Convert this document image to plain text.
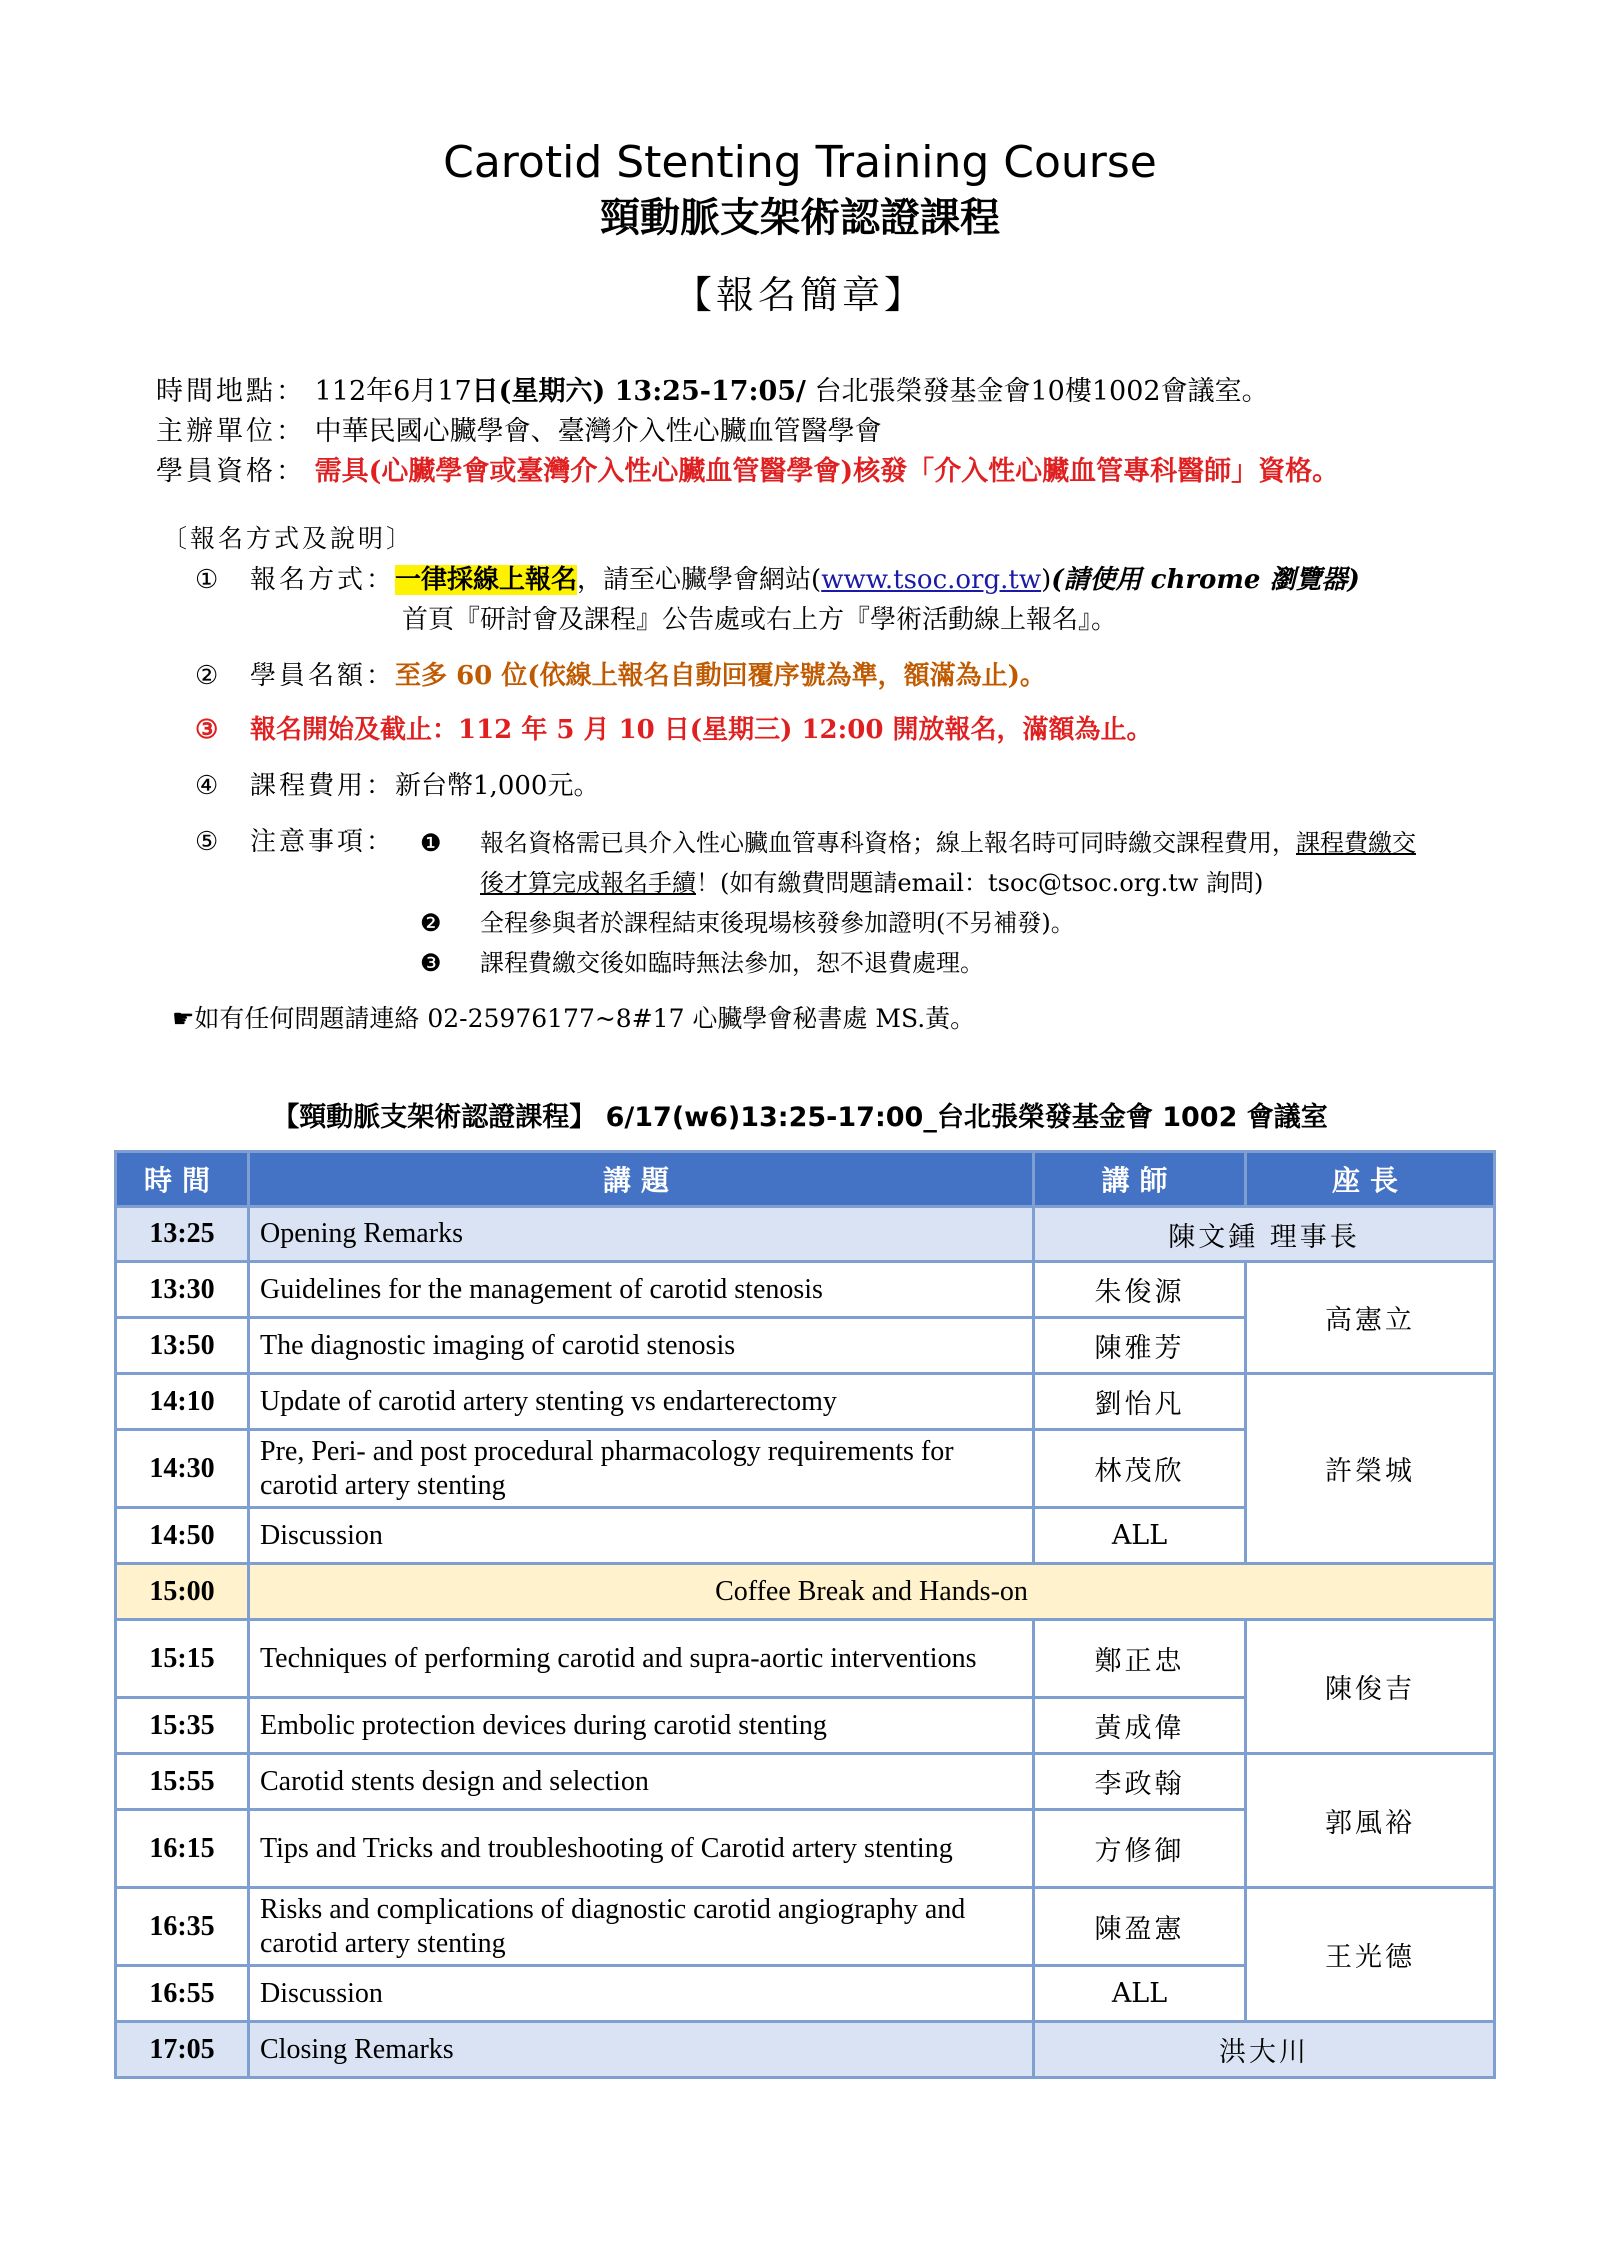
Carotid Stenting Training Course
頸動脈支架術認證課程
【報名簡章】
時間地點： 112年6月17日(星期六) 13:25-17:05/ 台北張榮發基金會10樓1002會議室。
主辦單位： 中華民國心臟學會、臺灣介入性心臟血管醫學會
學員資格： 需具(心臟學會或臺灣介入性心臟血管醫學會)核發「介入性心臟血管專科醫師」資格。
〔報名方式及說明〕
① 報名方式：一律採線上報名，請至心臟學會網站(www.tsoc.org.tw)(請使用 chrome 瀏覽器)
首頁『研討會及課程』公告處或右上方『學術活動線上報名』。
② 學員名額：至多 60 位(依線上報名自動回覆序號為準，額滿為止)。
③ 報名開始及截止：112 年 5 月 10 日(星期三) 12:00 開放報名，滿額為止。
④ 課程費用：新台幣1,000元。
⑤ 注意事項： ❶ 報名資格需已具介入性心臟血管專科資格；線上報名時可同時繳交課程費用，課程費繳交
後才算完成報名手續！(如有繳費問題請email：tsoc@tsoc.org.tw 詢問)
❷ 全程參與者於課程結束後現場核發參加證明(不另補發)。
❸ 課程費繳交後如臨時無法參加，恕不退費處理。
☛如有任何問題請連絡 02-25976177~8#17 心臟學會秘書處 MS.黃。
【頸動脈支架術認證課程】 6/17(w6)13:25-17:00_台北張榮發基金會 1002 會議室
時間	講題	講師	座長
13:25	Opening Remarks	陳文鍾 理事長	
13:30	Guidelines for the management of carotid stenosis	朱俊源	高憲立
13:50	The diagnostic imaging of carotid stenosis	陳雅芳	
14:10	Update of carotid artery stenting vs endarterectomy	劉怡凡	許榮城
14:30	Pre, Peri- and post procedural pharmacology requirements for carotid artery stenting	林茂欣	
14:50	Discussion	ALL	
15:00	Coffee Break and Hands-on		
15:15	Techniques of performing carotid and supra-aortic interventions	鄭正忠	陳俊吉
15:35	Embolic protection devices during carotid stenting	黃成偉	
15:55	Carotid stents design and selection	李政翰	郭風裕
16:15	Tips and Tricks and troubleshooting of Carotid artery stenting	方修御	
16:35	Risks and complications of diagnostic carotid angiography and carotid artery stenting	陳盈憲	王光德
16:55	Discussion	ALL	
17:05	Closing Remarks	洪大川	
